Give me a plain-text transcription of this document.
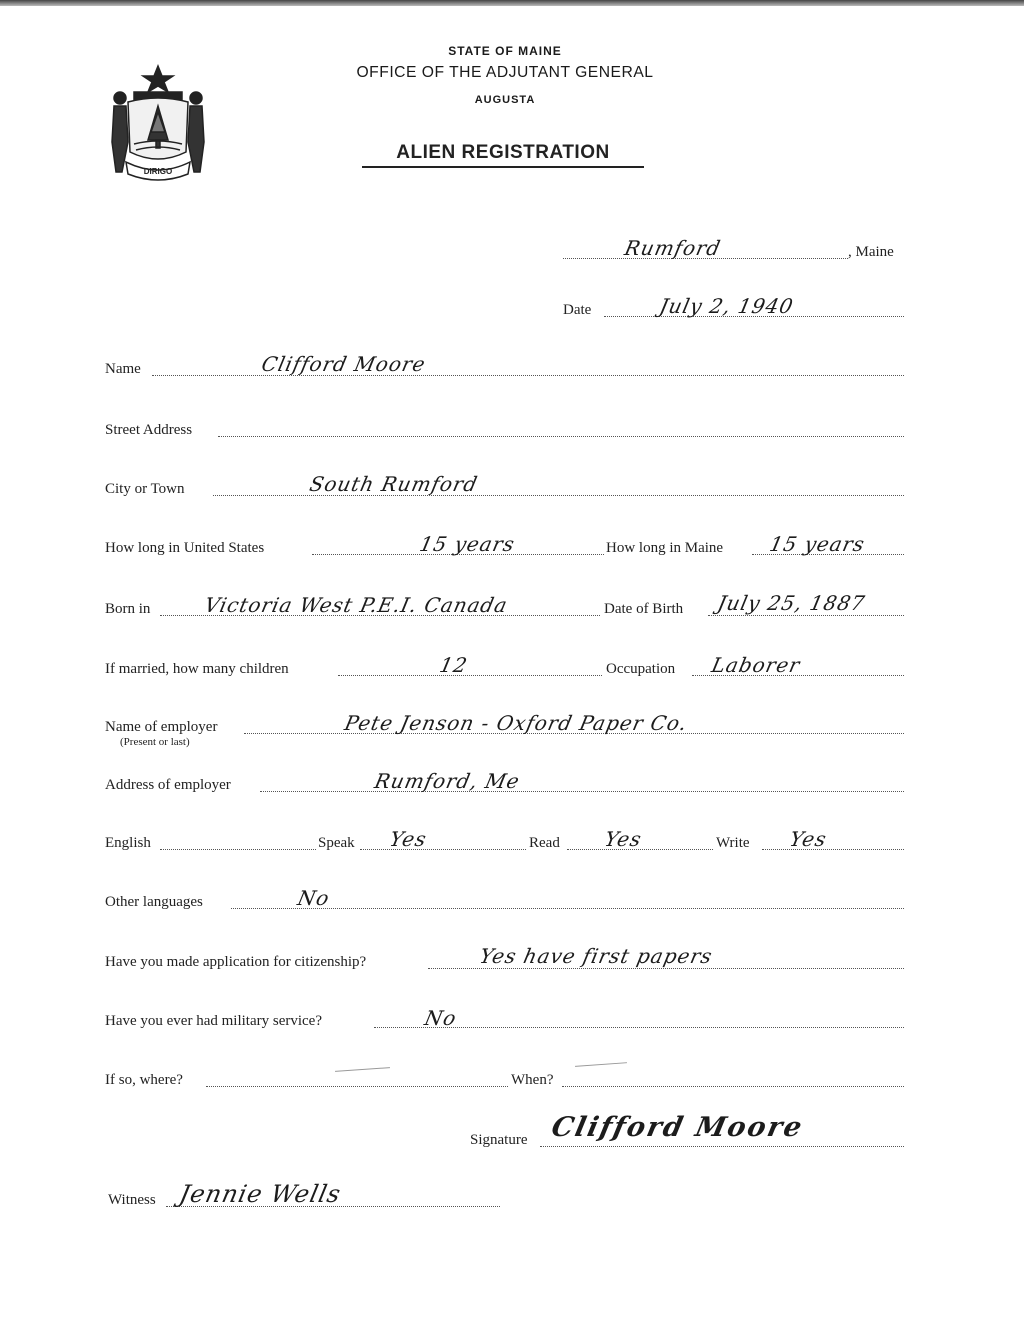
DIRIGO
STATE OF MAINE
OFFICE OF THE ADJUTANT GENERAL
AUGUSTA
ALIEN REGISTRATION
Rumford	, Maine
Date	July 2, 1940
Name	Clifford Moore
Street Address
City or Town	South Rumford
How long in United States	15 years	How long in Maine 15 years
Born in	Victoria West P.E.I. Canada	Date of Birth July 25, 1887
If married, how many children	12	Occupation Laborer
Name of employer
(Present or last)
Pete Jenson - Oxford Paper Co.
Address of employer	Rumford, Me
English	Speak Yes	Read Yes	Write Yes
Other languages	No
Have you made application for citizenship?	Yes have first papers
Have you ever had military service?	No
If so, where?	When?
Signature Clifford Moore
Witness Jennie Wells
